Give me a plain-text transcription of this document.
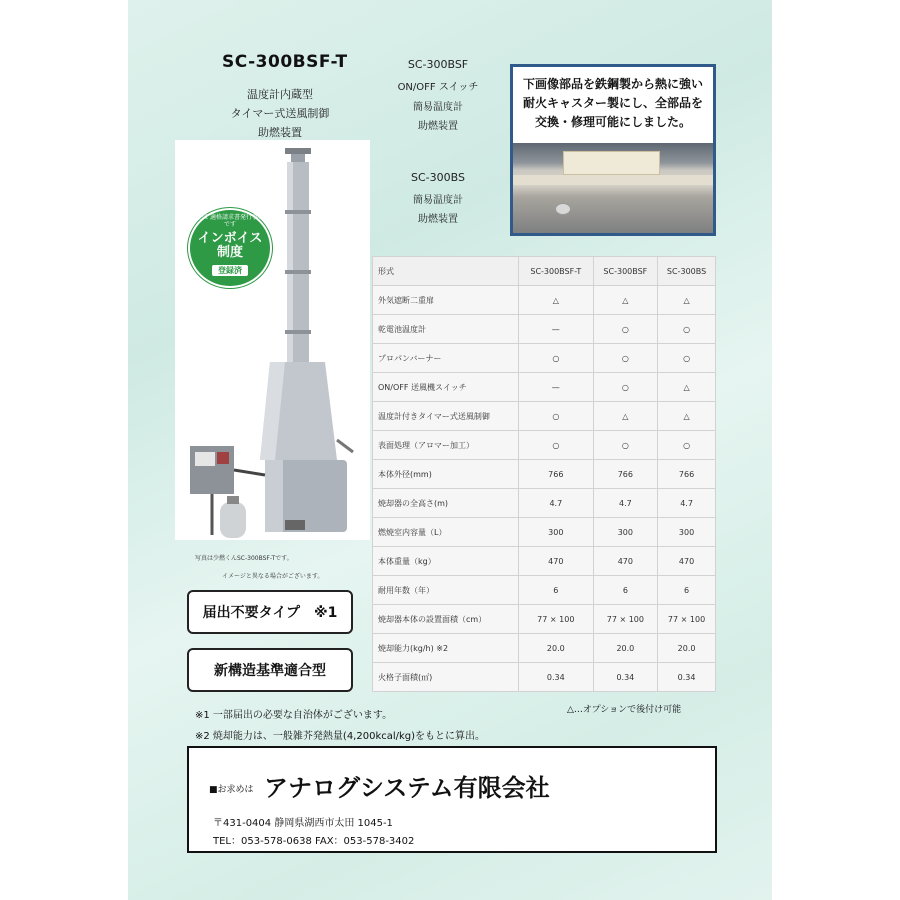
SC-300BSF-T
温度計内蔵型
タイマー式送風制御
助燃装置
SC-300BSF
ON/OFF スイッチ
簡易温度計
助燃装置
SC-300BS
簡易温度計
助燃装置
下画像部品を鉄鋼製から熱に強い
耐火キャスター製にし、全部品を
交換・修理可能にしました。
写真は少燃くんSC-300BSF-Tです。
イメージと異なる場合がございます。
当社は 適格請求書発行事業者です
インボイス
制度
登録済
届出不要タイプ　※1
新構造基準適合型
形式	SC-300BSF-T	SC-300BSF	SC-300BS
外気遮断二重扉	△	△	△
乾電池温度計	—	○	○
プロパンバーナー	○	○	○
ON/OFF 送風機スイッチ	—	○	△
温度計付きタイマー式送風制御	○	△	△
表面処理（アロマー加工）	○	○	○
本体外径(mm)	766	766	766
焼却器の全高さ(m)	4.7	4.7	4.7
燃焼室内容量（L）	300	300	300
本体重量（kg）	470	470	470
耐用年数（年）	6	6	6
焼却器本体の設置面積（cm）	77 × 100	77 × 100	77 × 100
焼却能力(kg/h) ※2	20.0	20.0	20.0
火格子面積(㎡)	0.34	0.34	0.34
△…オプションで後付け可能
※1 一部届出の必要な自治体がございます。
※2 焼却能力は、一般雑芥発熱量(4,200kcal/kg)をもとに算出。
■お求めは アナログシステム有限会社
〒431-0404 静岡県湖西市太田 1045-1
TEL：053-578-0638 FAX：053-578-3402
